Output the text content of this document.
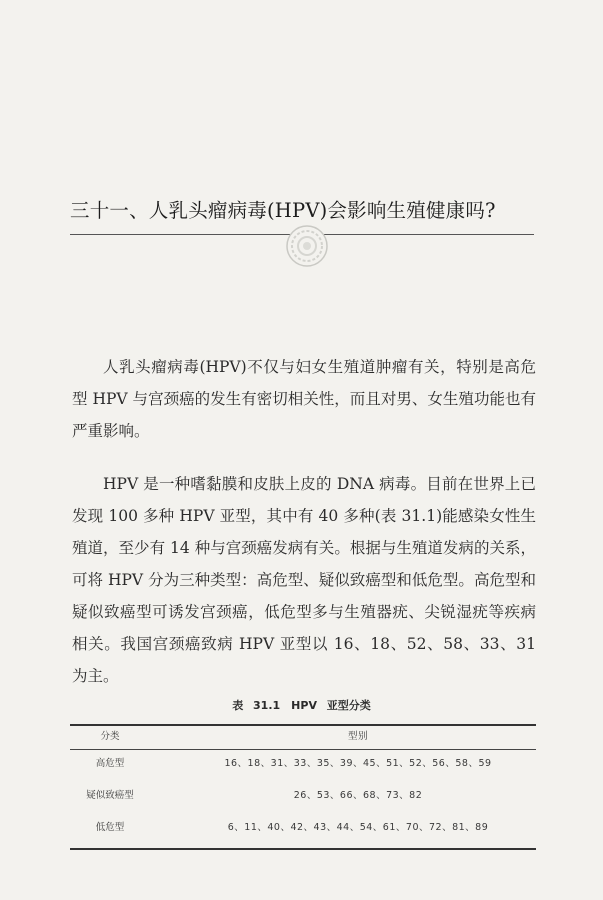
三十一、人乳头瘤病毒(HPV)会影响生殖健康吗?

人乳头瘤病毒(HPV)不仅与妇女生殖道肿瘤有关，特别是高危型 HPV 与宫颈癌的发生有密切相关性，而且对男、女生殖功能也有严重影响。

HPV 是一种嗜黏膜和皮肤上皮的 DNA 病毒。目前在世界上已发现 100 多种 HPV 亚型，其中有 40 多种(表 31.1)能感染女性生殖道，至少有 14 种与宫颈癌发病有关。根据与生殖道发病的关系，可将 HPV 分为三种类型：高危型、疑似致癌型和低危型。高危型和疑似致癌型可诱发宫颈癌，低危型多与生殖器疣、尖锐湿疣等疾病相关。我国宫颈癌致病 HPV 亚型以 16、18、52、58、33、31 为主。

表 31.1　HPV 亚型分类
分类	型别
高危型	16、18、31、33、35、39、45、51、52、56、58、59
疑似致癌型	26、53、66、68、73、82
低危型	6、11、40、42、43、44、54、61、70、72、81、89
